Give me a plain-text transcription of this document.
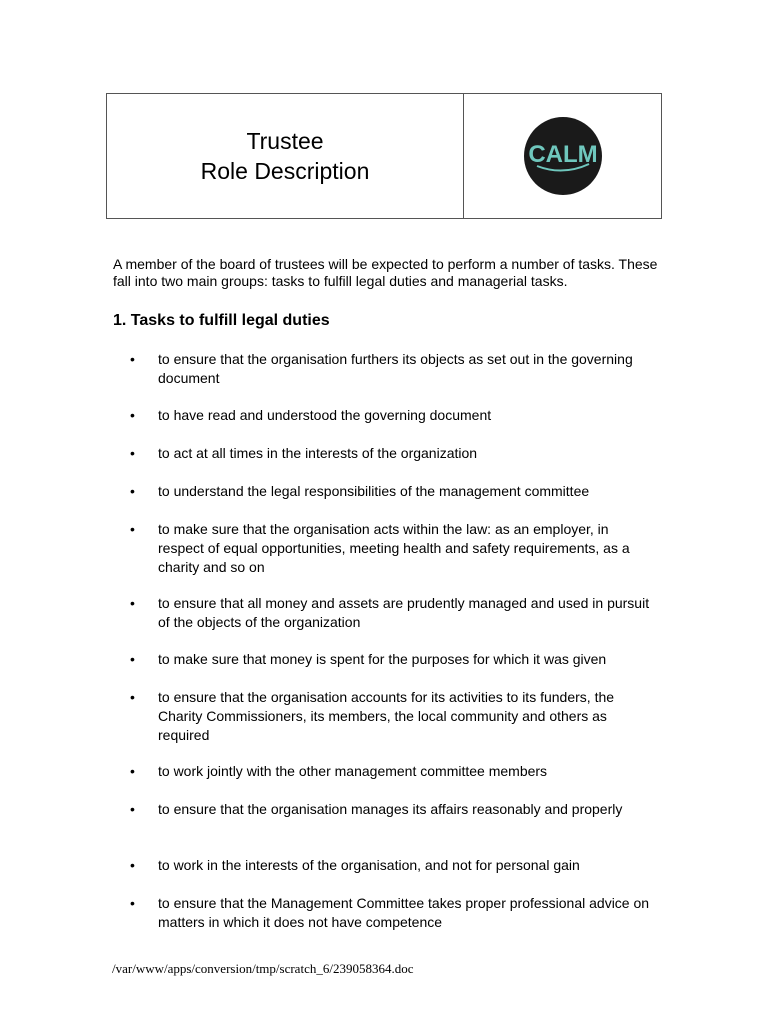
Trustee
Role Description
CALM

A member of the board of trustees will be expected to perform a number of tasks. These fall into two main groups: tasks to fulfill legal duties and managerial tasks.

1. Tasks to fulfill legal duties
•	to ensure that the organisation furthers its objects as set out in the governing document
•	to have read and understood the governing document
•	to act at all times in the interests of the organization
•	to understand the legal responsibilities of the management committee
•	to make sure that the organisation acts within the law: as an employer, in respect of equal opportunities, meeting health and safety requirements, as a charity and so on
•	to ensure that all money and assets are prudently managed and used in pursuit of the objects of the organization
•	to make sure that money is spent for the purposes for which it was given
•	to ensure that the organisation accounts for its activities to its funders, the Charity Commissioners, its members, the local community and others as required
•	to work jointly with the other management committee members
•	to ensure that the organisation manages its affairs reasonably and properly
•	to work in the interests of the organisation, and not for personal gain
•	to ensure that the Management Committee takes proper professional advice on matters in which it does not have competence
/var/www/apps/conversion/tmp/scratch_6/239058364.doc
